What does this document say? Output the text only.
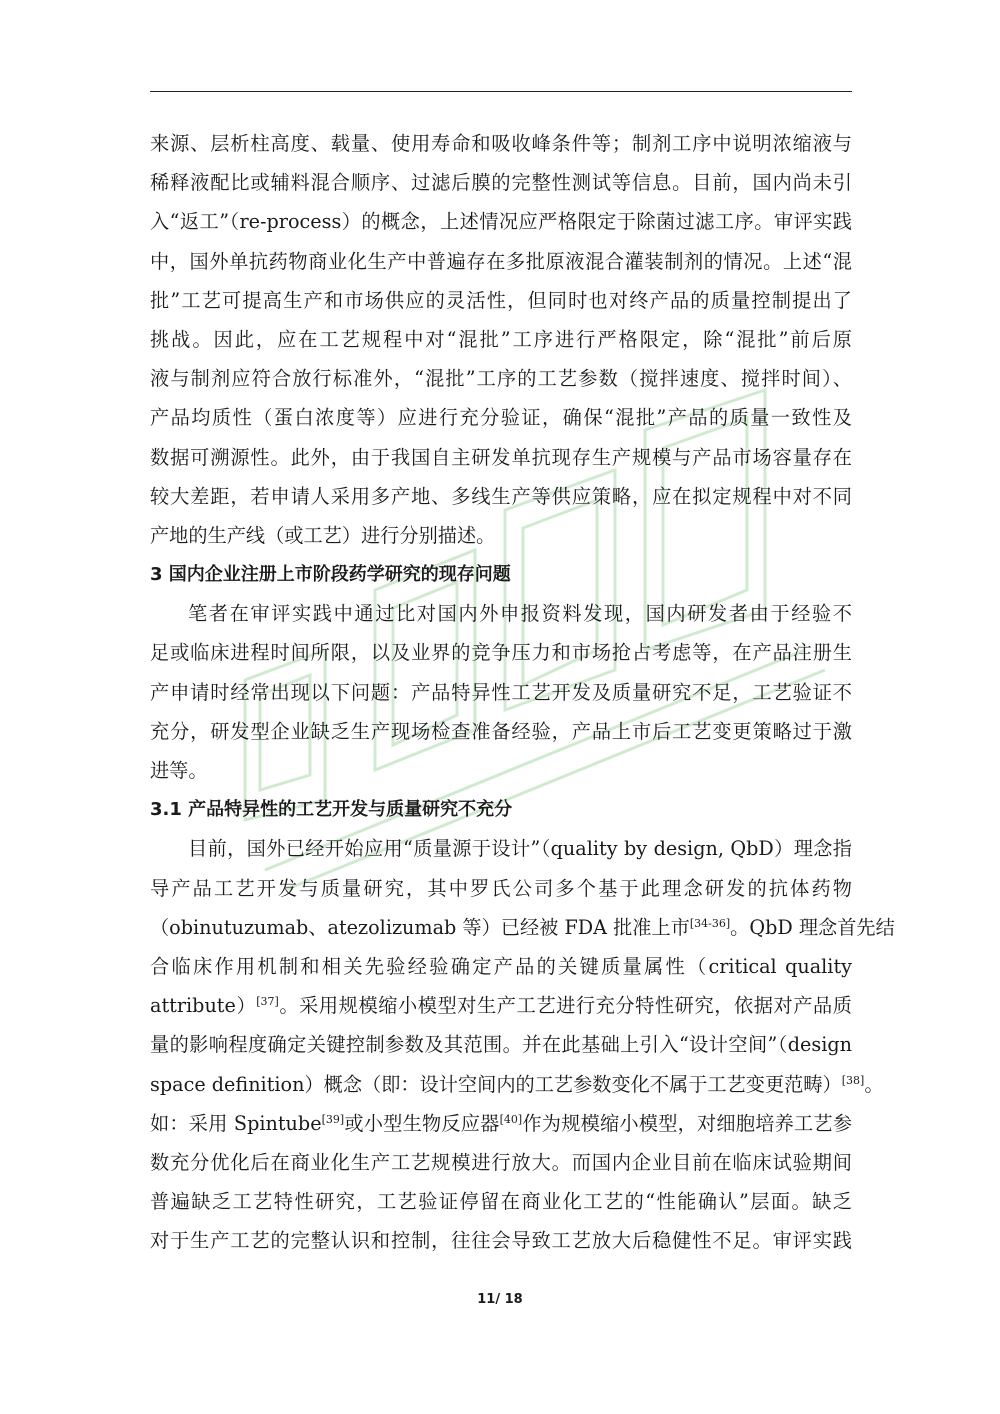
来源、层析柱高度、载量、使用寿命和吸收峰条件等；制剂工序中说明浓缩液与
稀释液配比或辅料混合顺序、过滤后膜的完整性测试等信息。目前，国内尚未引
入“返工”（re-process）的概念，上述情况应严格限定于除菌过滤工序。审评实践
中，国外单抗药物商业化生产中普遍存在多批原液混合灌装制剂的情况。上述“混
批”工艺可提高生产和市场供应的灵活性，但同时也对终产品的质量控制提出了
挑战。因此，应在工艺规程中对“混批”工序进行严格限定，除“混批”前后原
液与制剂应符合放行标准外，“混批”工序的工艺参数（搅拌速度、搅拌时间）、
产品均质性（蛋白浓度等）应进行充分验证，确保“混批”产品的质量一致性及
数据可溯源性。此外，由于我国自主研发单抗现存生产规模与产品市场容量存在
较大差距，若申请人采用多产地、多线生产等供应策略，应在拟定规程中对不同
产地的生产线（或工艺）进行分别描述。
3 国内企业注册上市阶段药学研究的现存问题
笔者在审评实践中通过比对国内外申报资料发现，国内研发者由于经验不
足或临床进程时间所限，以及业界的竞争压力和市场抢占考虑等，在产品注册生
产申请时经常出现以下问题：产品特异性工艺开发及质量研究不足，工艺验证不
充分，研发型企业缺乏生产现场检查准备经验，产品上市后工艺变更策略过于激
进等。
3.1 产品特异性的工艺开发与质量研究不充分
目前，国外已经开始应用“质量源于设计”（quality by design, QbD）理念指
导产品工艺开发与质量研究，其中罗氏公司多个基于此理念研发的抗体药物
（obinutuzumab、atezolizumab 等）已经被 FDA 批准上市[34-36]。QbD 理念首先结
合临床作用机制和相关先验经验确定产品的关键质量属性（critical quality
attribute）[37]。采用规模缩小模型对生产工艺进行充分特性研究，依据对产品质
量的影响程度确定关键控制参数及其范围。并在此基础上引入“设计空间”（design
space definition）概念（即：设计空间内的工艺参数变化不属于工艺变更范畴）[38]。
如：采用 Spintube[39]或小型生物反应器[40]作为规模缩小模型，对细胞培养工艺参
数充分优化后在商业化生产工艺规模进行放大。而国内企业目前在临床试验期间
普遍缺乏工艺特性研究，工艺验证停留在商业化工艺的“性能确认”层面。缺乏
对于生产工艺的完整认识和控制，往往会导致工艺放大后稳健性不足。审评实践
11/ 18
